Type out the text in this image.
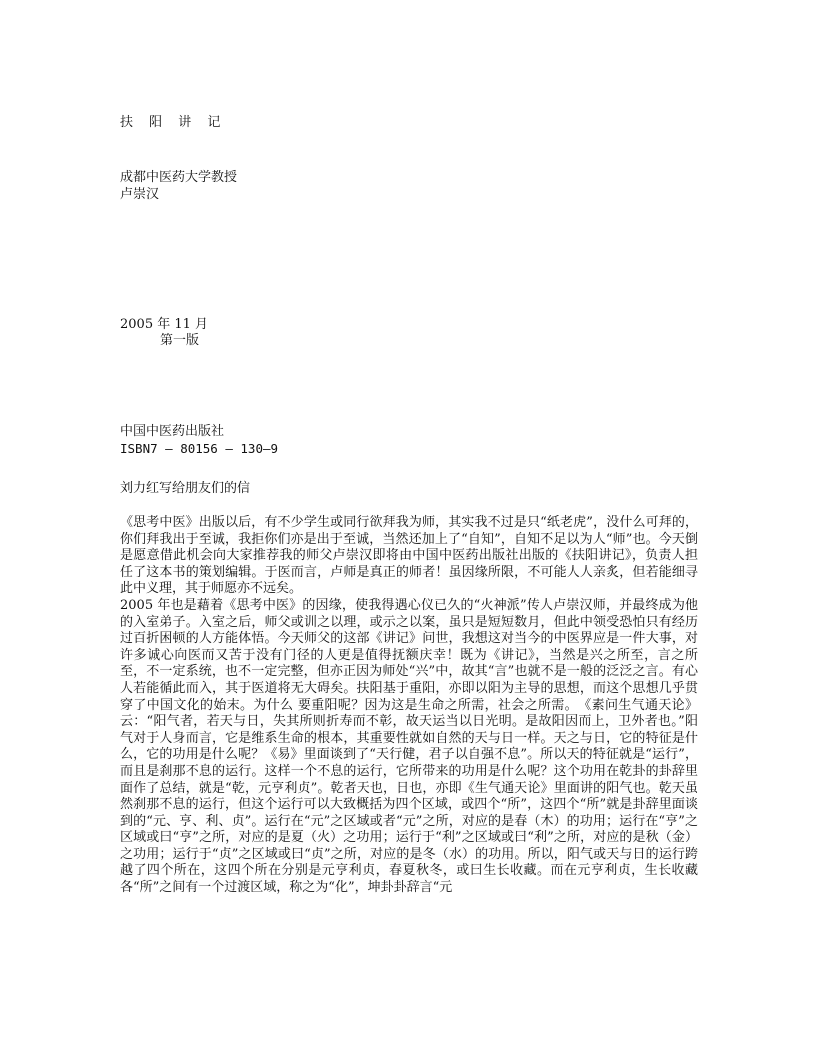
扶 阳 讲 记
成都中医药大学教授
卢崇汉
2005 年 11 月
第一版
中国中医药出版社
ISBN7 — 80156 — 130—9
刘力红写给朋友们的信

《思考中医》出版以后，有不少学生或同行欲拜我为师，其实我不过是只“纸老虎”，没什么可拜的，你们拜我出于至诚，我拒你们亦是出于至诚，当然还加上了“自知”，自知不足以为人“师”也。今天倒是愿意借此机会向大家推荐我的师父卢崇汉即将由中国中医药出版社出版的《扶阳讲记》，负责人担任了这本书的策划编辑。于医而言，卢师是真正的师者！虽因缘所限，不可能人人亲炙，但若能细寻此中义理，其于师愿亦不远矣。

2005 年也是藉着《思考中医》的因缘，使我得遇心仪已久的“火神派”传人卢崇汉师，并最终成为他的入室弟子。入室之后，师父或训之以理，或示之以案，虽只是短短数月，但此中领受恐怕只有经历过百折困顿的人方能体悟。今天师父的这部《讲记》问世，我想这对当今的中医界应是一件大事，对许多诚心向医而又苦于没有门径的人更是值得抚额庆幸！既为《讲记》，当然是兴之所至，言之所至，不一定系统，也不一定完整，但亦正因为师处“兴”中，故其“言”也就不是一般的泛泛之言。有心人若能循此而入，其于医道将无大碍矣。扶阳基于重阳，亦即以阳为主导的思想，而这个思想几乎贯穿了中国文化的始末。为什么 要重阳呢？因为这是生命之所需，社会之所需。　《素问生气通天论》云：“阳气者，若天与日，失其所则折寿而不彰，故天运当以日光明。是故阳因而上，卫外者也。”阳气对于人身而言，它是维系生命的根本，其重要性就如自然的天与日一样。天之与日，它的特征是什么，它的功用是什么呢？《易》里面谈到了“天行健，君子以自强不息”。所以天的特征就是“运行”，而且是刹那不息的运行。这样一个不息的运行，它所带来的功用是什么呢？这个功用在乾卦的卦辞里面作了总结，就是“乾，元亨利贞”。乾者天也，日也，亦即《生气通天论》里面讲的阳气也。乾天虽然刹那不息的运行，但这个运行可以大致概括为四个区域，或四个“所”，这四个“所”就是卦辞里面谈到的“元、亨、利、贞”。运行在“元”之区域或者“元”之所，对应的是春（木）的功用；运行在“亨”之区域或曰“亨”之所，对应的是夏（火）之功用；运行于“利”之区域或曰“利”之所，对应的是秋（金）之功用；运行于“贞”之区域或曰“贞”之所，对应的是冬（水）的功用。所以，阳气或天与日的运行跨越了四个所在，这四个所在分别是元亨利贞，春夏秋冬，或曰生长收藏。而在元亨利贞，生长收藏各“所”之间有一个过渡区域，称之为“化”，坤卦卦辞言“元
